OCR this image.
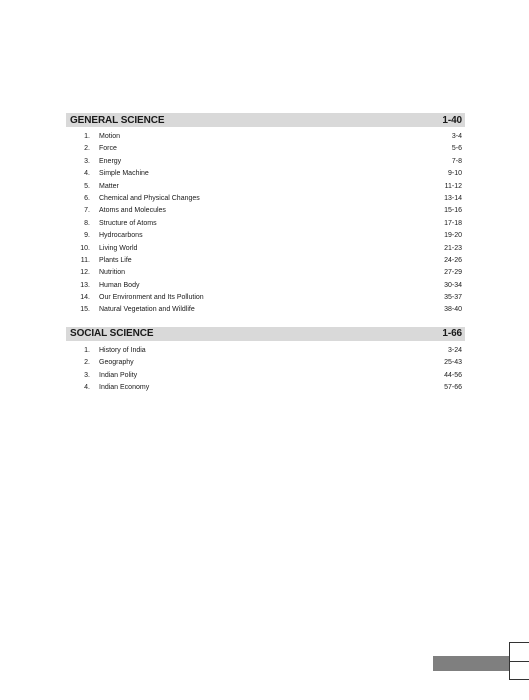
GENERAL SCIENCE	1-40
1.	Motion	3-4
2.	Force	5-6
3.	Energy	7-8
4.	Simple Machine	9-10
5.	Matter	11-12
6.	Chemical and Physical Changes	13-14
7.	Atoms and Molecules	15-16
8.	Structure of Atoms	17-18
9.	Hydrocarbons	19-20
10.	Living World	21-23
11.	Plants Life	24-26
12.	Nutrition	27-29
13.	Human Body	30-34
14.	Our Environment and Its Pollution	35-37
15.	Natural Vegetation and Wildlife	38-40
SOCIAL SCIENCE	1-66
1.	History of India	3-24
2.	Geography	25-43
3.	Indian Polity	44-56
4.	Indian Economy	57-66
